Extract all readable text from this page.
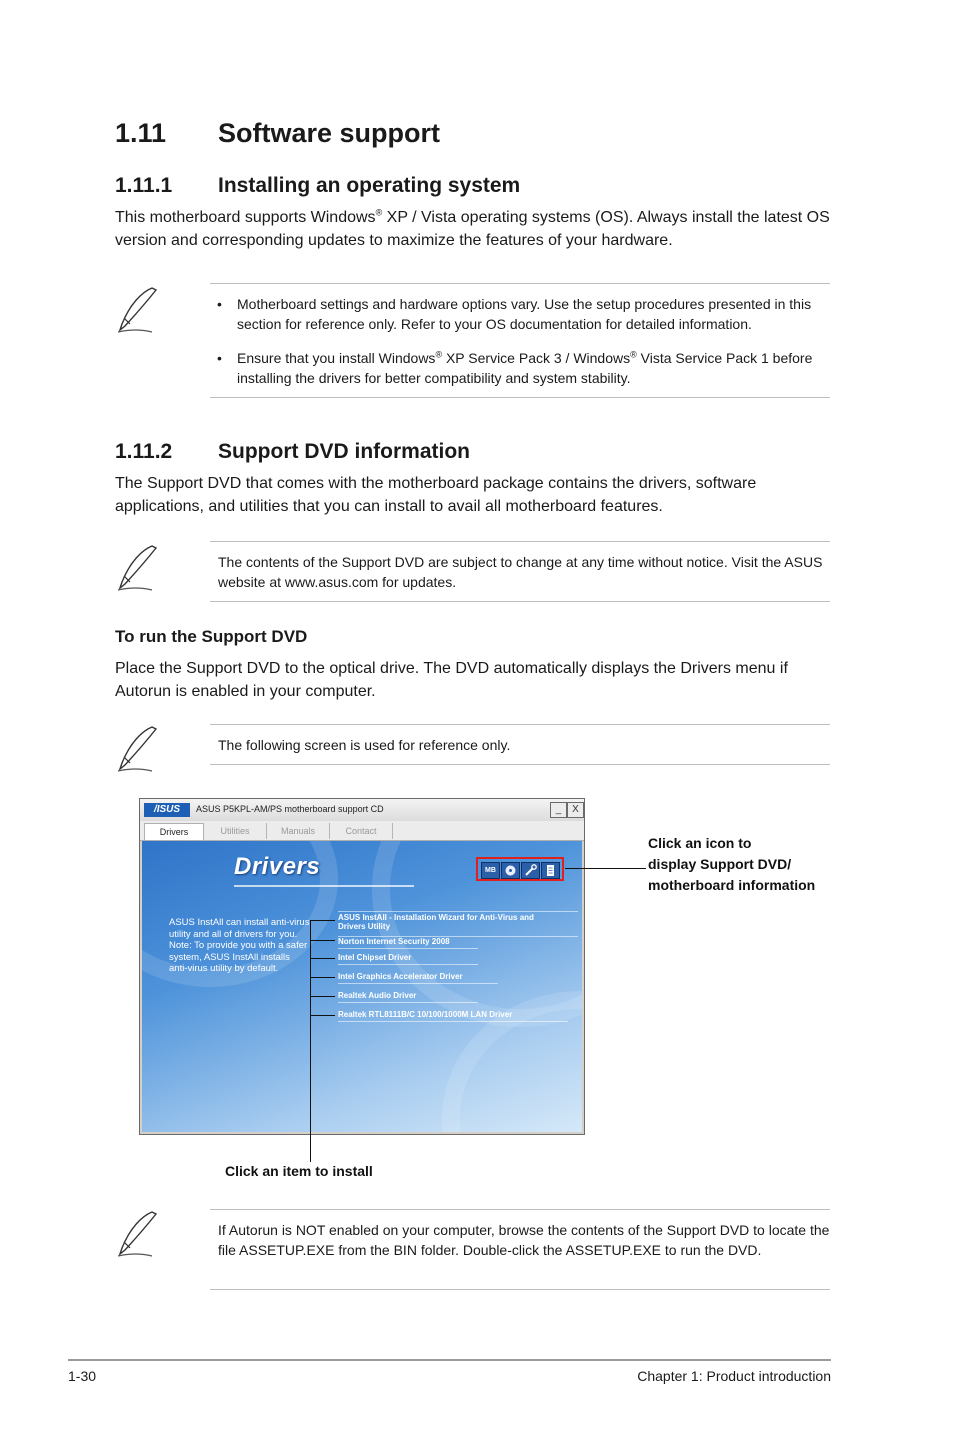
1.11 Software support
1.11.1 Installing an operating system

This motherboard supports Windows® XP / Vista operating systems (OS). Always install the latest OS version and corresponding updates to maximize the features of your hardware.

• Motherboard settings and hardware options vary. Use the setup procedures presented in this section for reference only. Refer to your OS documentation for detailed information.
• Ensure that you install Windows® XP Service Pack 3 / Windows® Vista Service Pack 1 before installing the drivers for better compatibility and system stability.
1.11.2 Support DVD information

The Support DVD that comes with the motherboard package contains the drivers, software applications, and utilities that you can install to avail all motherboard features.

The contents of the Support DVD are subject to change at any time without notice. Visit the ASUS website at www.asus.com for updates.

To run the Support DVD

Place the Support DVD to the optical drive. The DVD automatically displays the Drivers menu if Autorun is enabled in your computer.

The following screen is used for reference only.

/ISUS	ASUS P5KPL-AM/PS motherboard support CD	_	X
Drivers	Utilities	Manuals	Contact
Drivers	MB
ASUS InstAll can install anti-virus utility and all of drivers for you. Note: To provide you with a safer system, ASUS InstAll installs anti-virus utility by default.
ASUS InstAll - Installation Wizard for Anti-Virus and Drivers Utility
Norton Internet Security 2008
Intel Chipset Driver
Intel Graphics Accelerator Driver
Realtek Audio Driver
Realtek RTL8111B/C 10/100/1000M LAN Driver
Click an icon to
display Support DVD/
motherboard information
Click an item to install

If Autorun is NOT enabled on your computer, browse the contents of the Support DVD to locate the file ASSETUP.EXE from the BIN folder. Double-click the ASSETUP.EXE to run the DVD.

1-30	Chapter 1: Product introduction
